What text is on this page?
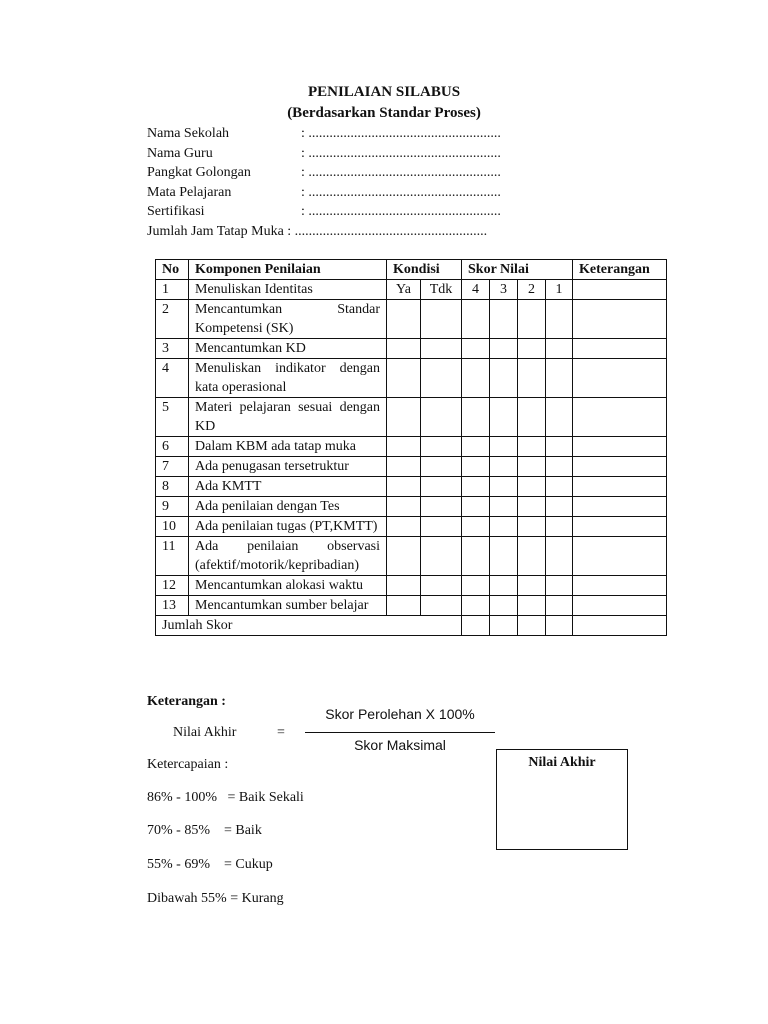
PENILAIAN SILABUS
(Berdasarkan Standar Proses)
Nama Sekolah	: .......................................................
Nama Guru	: .......................................................
Pangkat Golongan	: .......................................................
Mata Pelajaran	: .......................................................
Sertifikasi	: .......................................................
Jumlah Jam Tatap Muka : .......................................................
No	Komponen Penilaian	Kondisi		Skor Nilai				Keterangan
1	Menuliskan Identitas	Ya	Tdk	4	3	2	1	
2	Mencantumkan Standar Kompetensi (SK)							
3	Mencantumkan KD							
4	Menuliskan indikator dengan kata operasional							
5	Materi pelajaran sesuai dengan KD							
6	Dalam KBM ada tatap muka							
7	Ada penugasan tersetruktur							
8	Ada KMTT							
9	Ada penilaian dengan Tes							
10	Ada penilaian tugas (PT,KMTT)							
11	Ada penilaian observasi (afektif/motorik/kepribadian)							
12	Mencantumkan alokasi waktu							
13	Mencantumkan sumber belajar							
Jumlah Skor								
Keterangan :
Skor Perolehan X 100%
Skor Maksimal
Nilai Akhir	=
Nilai Akhir
Ketercapaian :
86% - 100%   = Baik Sekali
70% - 85%    = Baik
55% - 69%    = Cukup
Dibawah 55% = Kurang
